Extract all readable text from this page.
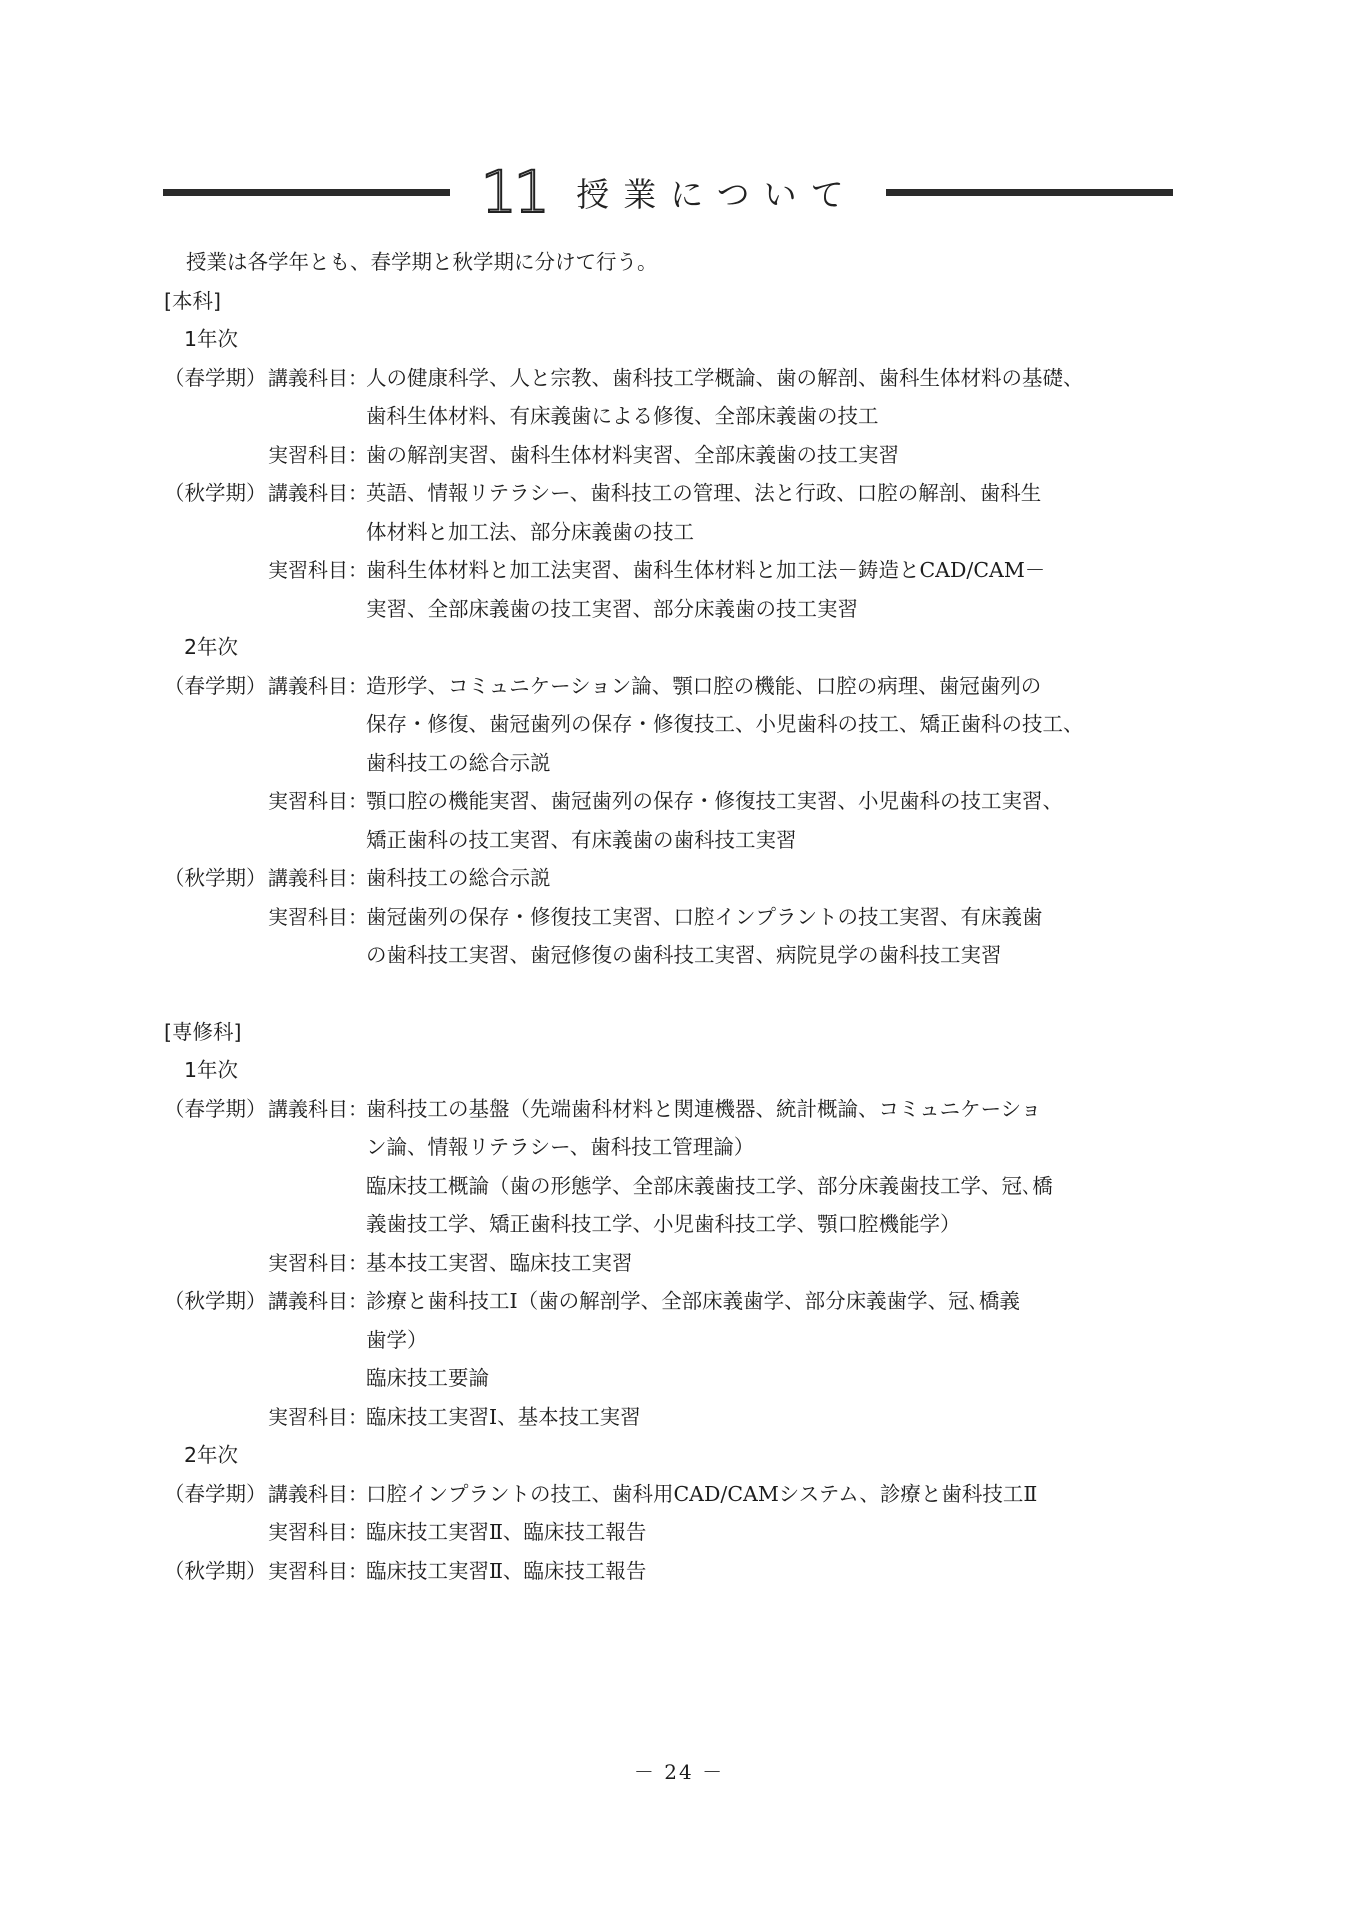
11 授業について
授業は各学年とも、春学期と秋学期に分けて行う。
[本科]
1年次
（春学期） 講義科目：
人の健康科学、人と宗教、歯科技工学概論、歯の解剖、歯科生体材料の基礎、
歯科生体材料、有床義歯による修復、全部床義歯の技工
実習科目：
歯の解剖実習、歯科生体材料実習、全部床義歯の技工実習
（秋学期） 講義科目：
英語、情報リテラシー、歯科技工の管理、法と行政、口腔の解剖、歯科生
体材料と加工法、部分床義歯の技工
実習科目：
歯科生体材料と加工法実習、歯科生体材料と加工法－鋳造とCAD/CAM－
実習、全部床義歯の技工実習、部分床義歯の技工実習
2年次
（春学期） 講義科目：
造形学、コミュニケーション論、顎口腔の機能、口腔の病理、歯冠歯列の
保存・修復、歯冠歯列の保存・修復技工、小児歯科の技工、矯正歯科の技工、
歯科技工の総合示説
実習科目：
顎口腔の機能実習、歯冠歯列の保存・修復技工実習、小児歯科の技工実習、
矯正歯科の技工実習、有床義歯の歯科技工実習
（秋学期） 講義科目：
歯科技工の総合示説
実習科目：
歯冠歯列の保存・修復技工実習、口腔インプラントの技工実習、有床義歯
の歯科技工実習、歯冠修復の歯科技工実習、病院見学の歯科技工実習
[専修科]
1年次
（春学期） 講義科目：
歯科技工の基盤（先端歯科材料と関連機器、統計概論、コミュニケーショ
ン論、情報リテラシー、歯科技工管理論）
臨床技工概論（歯の形態学、全部床義歯技工学、部分床義歯技工学、冠､橋
義歯技工学、矯正歯科技工学、小児歯科技工学、顎口腔機能学）
実習科目：
基本技工実習、臨床技工実習
（秋学期） 講義科目：
診療と歯科技工Ⅰ（歯の解剖学、全部床義歯学、部分床義歯学、冠､橋義
歯学）
臨床技工要論
実習科目：
臨床技工実習Ⅰ、基本技工実習
2年次
（春学期） 講義科目：
口腔インプラントの技工、歯科用CAD/CAMシステム、診療と歯科技工Ⅱ
実習科目：
臨床技工実習Ⅱ、臨床技工報告
（秋学期） 実習科目：
臨床技工実習Ⅱ、臨床技工報告
－ 24 －
